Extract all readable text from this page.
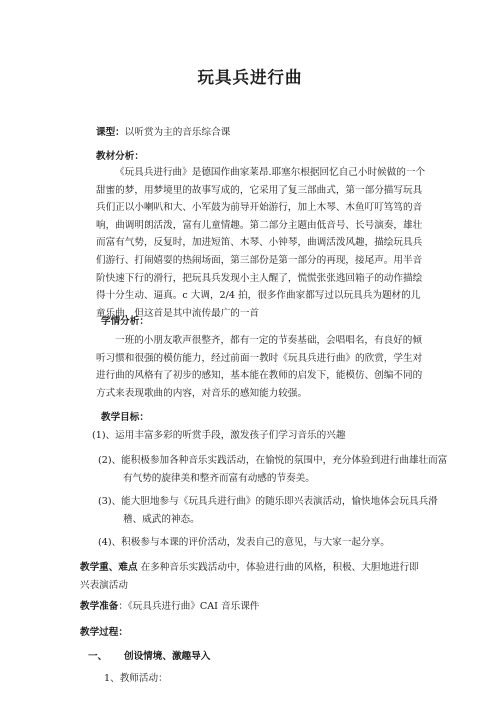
玩具兵进行曲
课型：以听赏为主的音乐综合课
教材分析：
《玩具兵进行曲》是德国作曲家莱昂.耶塞尔根据回忆自己小时候做的一个甜蜜的梦，用梦境里的故事写成的，它采用了复三部曲式，第一部分描写玩具兵们正以小喇叭和大、小军鼓为前导开始游行，加上木琴、木鱼叮叮笃笃的音响，曲调明朗活泼，富有儿童情趣。第二部分主题由低音号、长号演奏，雄壮而富有气势，反复时，加进短笛、木琴、小钟琴，曲调活泼风趣，描绘玩具兵们游行、打闹嬉耍的热闹场面，第三部份是第一部分的再现，接尾声。用半音阶快速下行的滑行，把玩具兵发现小主人醒了，慌慌张张逃回箱子的动作描绘得十分生动、逼真。c 大调，2/4 拍，很多作曲家都写过以玩具兵为题材的儿童乐曲，但这首是其中流传最广的一首
学情分析：
一班的小朋友歌声很整齐，都有一定的节奏基础，会唱唱名，有良好的倾听习惯和很强的模仿能力，经过前面一教时《玩具兵进行曲》的欣赏，学生对进行曲的风格有了初步的感知，基本能在教师的启发下，能模仿、创编不同的方式来表现歌曲的内容，对音乐的感知能力较强。
教学目标：
(1)、运用丰富多彩的听赏手段，激发孩子们学习音乐的兴趣
(2)、能积极参加各种音乐实践活动，在愉悦的氛围中，充分体验到进行曲雄壮而富有气势的旋律美和整齐而富有动感的节奏美。
(3)、能大胆地参与《玩具兵进行曲》的随乐即兴表演活动，愉快地体会玩具兵滑稽、威武的神态。
(4)、积极参与本课的评价活动，发表自己的意见，与大家一起分享。
教学重、难点 在多种音乐实践活动中，体验进行曲的风格，积极、大胆地进行即兴表演活动
教学准备：《玩具兵进行曲》CAI 音乐课件
教学过程：
一、 创设情境、激趣导入
1、教师活动：
